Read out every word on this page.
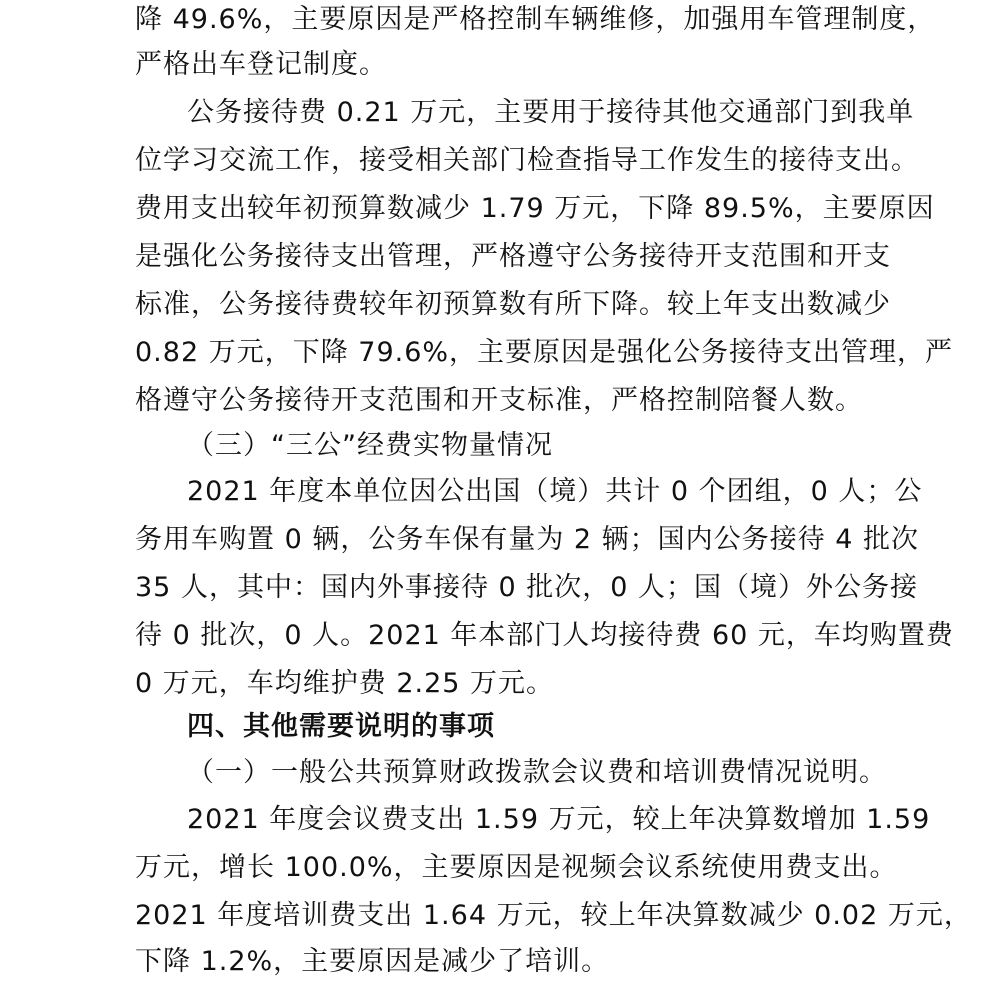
降 49.6%，主要原因是严格控制车辆维修，加强用车管理制度，
严格出车登记制度。
公务接待费 0.21 万元，主要用于接待其他交通部门到我单
位学习交流工作，接受相关部门检查指导工作发生的接待支出。
费用支出较年初预算数减少 1.79 万元，下降 89.5%，主要原因
是强化公务接待支出管理，严格遵守公务接待开支范围和开支
标准，公务接待费较年初预算数有所下降。较上年支出数减少
0.82 万元，下降 79.6%，主要原因是强化公务接待支出管理，严
格遵守公务接待开支范围和开支标准，严格控制陪餐人数。
（三）“三公”经费实物量情况
2021 年度本单位因公出国（境）共计 0 个团组，0 人；公
务用车购置 0 辆，公务车保有量为 2 辆；国内公务接待 4 批次
35 人，其中：国内外事接待 0 批次，0 人；国（境）外公务接
待 0 批次，0 人。2021 年本部门人均接待费 60 元，车均购置费
0 万元，车均维护费 2.25 万元。
四、其他需要说明的事项
（一）一般公共预算财政拨款会议费和培训费情况说明。
2021 年度会议费支出 1.59 万元，较上年决算数增加 1.59
万元，增长 100.0%，主要原因是视频会议系统使用费支出。
2021 年度培训费支出 1.64 万元，较上年决算数减少 0.02 万元，
下降 1.2%，主要原因是减少了培训。
